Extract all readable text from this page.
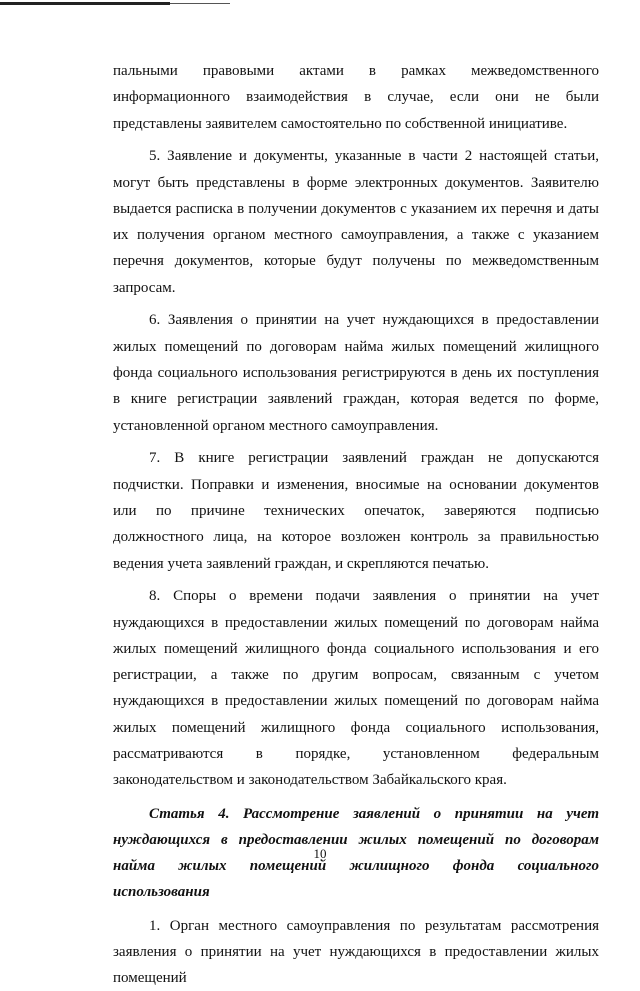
пальными правовыми актами в рамках межведомственного информационного взаимодействия в случае, если они не были представлены заявителем самостоятельно по собственной инициативе.

5. Заявление и документы, указанные в части 2 настоящей статьи, могут быть представлены в форме электронных документов. Заявителю выдается расписка в получении документов с указанием их перечня и даты их получения органом местного самоуправления, а также с указанием перечня документов, которые будут получены по межведомственным запросам.

6. Заявления о принятии на учет нуждающихся в предоставлении жилых помещений по договорам найма жилых помещений жилищного фонда социального использования регистрируются в день их поступления в книге регистрации заявлений граждан, которая ведется по форме, установленной органом местного самоуправления.

7. В книге регистрации заявлений граждан не допускаются подчистки. Поправки и изменения, вносимые на основании документов или по причине технических опечаток, заверяются подписью должностного лица, на которое возложен контроль за правильностью ведения учета заявлений граждан, и скрепляются печатью.

8. Споры о времени подачи заявления о принятии на учет нуждающихся в предоставлении жилых помещений по договорам найма жилых помещений жилищного фонда социального использования и его регистрации, а также по другим вопросам, связанным с учетом нуждающихся в предоставлении жилых помещений по договорам найма жилых помещений жилищного фонда социального использования, рассматриваются в порядке, установленном федеральным законодательством и законодательством Забайкальского края.

Статья 4. Рассмотрение заявлений о принятии на учет нуждающихся в предоставлении жилых помещений по договорам найма жилых помещений жилищного фонда социального использования

1. Орган местного самоуправления по результатам рассмотрения заявления о принятии на учет нуждающихся в предоставлении жилых помещений

10
